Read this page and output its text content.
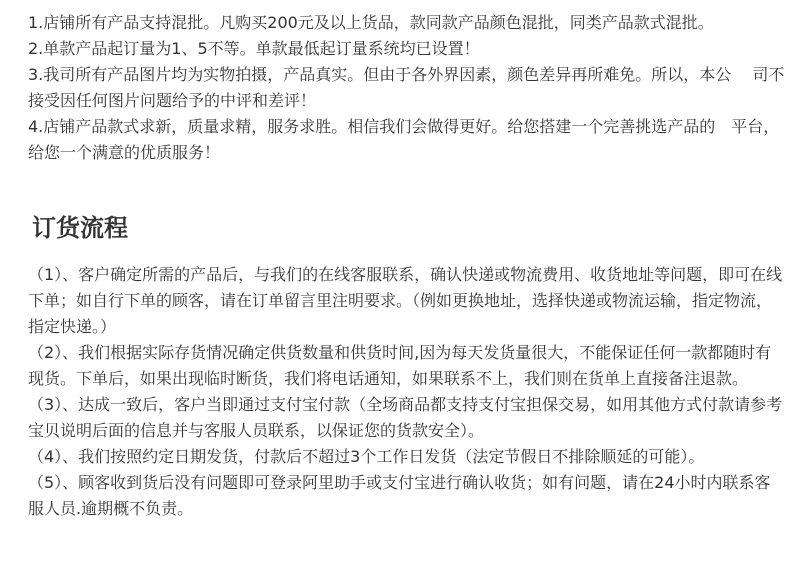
1.店铺所有产品支持混批。凡购买200元及以上货品，款同款产品颜色混批，同类产品款式混批。

2.单款产品起订量为1、5不等。单款最低起订量系统均已设置！

3.我司所有产品图片均为实物拍摄，产品真实。但由于各外界因素，颜色差异再所难免。所以，本公　 司不接受因任何图片问题给予的中评和差评！

4.店铺产品款式求新，质量求精，服务求胜。相信我们会做得更好。给您搭建一个完善挑选产品的　平台，给您一个满意的优质服务！

订货流程

（1）、客户确定所需的产品后，与我们的在线客服联系，确认快递或物流费用、收货地址等问题，即可在线下单；如自行下单的顾客，请在订单留言里注明要求。（例如更换地址，选择快递或物流运输，指定物流，指定快递。）

（2）、我们根据实际存货情况确定供货数量和供货时间,因为每天发货量很大，不能保证任何一款都随时有现货。下单后，如果出现临时断货，我们将电话通知，如果联系不上，我们则在货单上直接备注退款。

（3）、达成一致后，客户当即通过支付宝付款（全场商品都支持支付宝担保交易，如用其他方式付款请参考宝贝说明后面的信息并与客服人员联系，以保证您的货款安全）。

（4）、我们按照约定日期发货，付款后不超过3个工作日发货（法定节假日不排除顺延的可能）。

（5）、顾客收到货后没有问题即可登录阿里助手或支付宝进行确认收货；如有问题，请在24小时内联系客服人员.逾期概不负责。
